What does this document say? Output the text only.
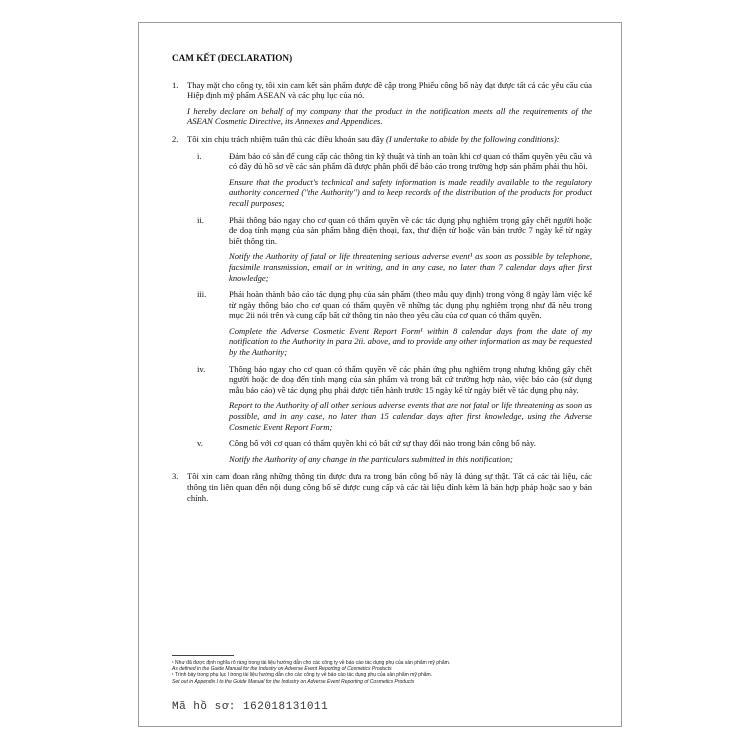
CAM KẾT (DECLARATION)
1. Thay mặt cho công ty, tôi xin cam kết sản phẩm được đề cập trong Phiếu công bố này đạt được tất cả các yêu cầu của Hiệp định mỹ phẩm ASEAN và các phụ lục của nó.

I hereby declare on behalf of my company that the product in the notification meets all the requirements of the ASEAN Cosmetic Directive, its Annexes and Appendices.

2. Tôi xin chịu trách nhiệm tuân thủ các điều khoản sau đây (I undertake to abide by the following conditions):

i.	Đảm bảo có sẵn để cung cấp các thông tin kỹ thuật và tính an toàn khi cơ quan có thẩm quyền yêu cầu và có đầy đủ hồ sơ về các sản phẩm đã được phân phối để báo cáo trong trường hợp sản phẩm phải thu hồi.

Ensure that the product's technical and safety information is made readily available to the regulatory authority concerned ("the Authority") and to keep records of the distribution of the products for product recall purposes;

ii.	Phải thông báo ngay cho cơ quan có thẩm quyền về các tác dụng phụ nghiêm trọng gây chết người hoặc đe doạ tính mạng của sản phẩm bằng điện thoại, fax, thư điện tử hoặc văn bản trước 7 ngày kể từ ngày biết thông tin.

Notify the Authority of fatal or life threatening serious adverse event¹ as soon as possible by telephone, facsimile transmission, email or in writing, and in any case, no later than 7 calendar days after first knowledge;

iii.	Phải hoàn thành báo cáo tác dụng phụ của sản phẩm (theo mẫu quy định) trong vòng 8 ngày làm việc kể từ ngày thông báo cho cơ quan có thẩm quyền về những tác dụng phụ nghiêm trọng như đã nêu trong mục 2ii nói trên và cung cấp bất cứ thông tin nào theo yêu cầu của cơ quan có thẩm quyền.

Complete the Adverse Cosmetic Event Report Form¹ within 8 calendar days from the date of my notification to the Authority in para 2ii. above, and to provide any other information as may be requested by the Authority;

iv.	Thông báo ngay cho cơ quan có thẩm quyền về các phản ứng phụ nghiêm trọng nhưng không gây chết người hoặc đe doạ đến tính mạng của sản phẩm và trong bất cứ trường hợp nào, việc báo cáo (sử dụng mẫu báo cáo) về tác dụng phụ phải được tiến hành trước 15 ngày kể từ ngày biết về tác dụng phụ này.

Report to the Authority of all other serious adverse events that are not fatal or life threatening as soon as possible, and in any case, no later than 15 calendar days after first knowledge, using the Adverse Cosmetic Event Report Form;

v.	Công bố với cơ quan có thẩm quyền khi có bất cứ sự thay đổi nào trong bản công bố này.

Notify the Authority of any change in the particulars submitted in this notification;

3. Tôi xin cam đoan rằng những thông tin được đưa ra trong bản công bố này là đúng sự thật. Tất cả các tài liệu, các thông tin liên quan đến nội dung công bố sẽ được cung cấp và các tài liệu đính kèm là bản hợp pháp hoặc sao y bản chính.

¹ Như đã được định nghĩa rõ ràng trong tài liệu hướng dẫn cho các công ty về báo cáo tác dụng phụ của sản phẩm mỹ phẩm.
As defined in the Guide Manual for the Industry on Adverse Event Reporting of Cosmetics Products
¹ Trình bày trong phụ lục I trong tài liệu hướng dẫn cho các công ty về báo cáo tác dụng phụ của sản phẩm mỹ phẩm.
Set out in Appendix I to the Guide Manual for the Industry on Adverse Event Reporting of Cosmetics Products
Mã hồ sơ: 162018131011
